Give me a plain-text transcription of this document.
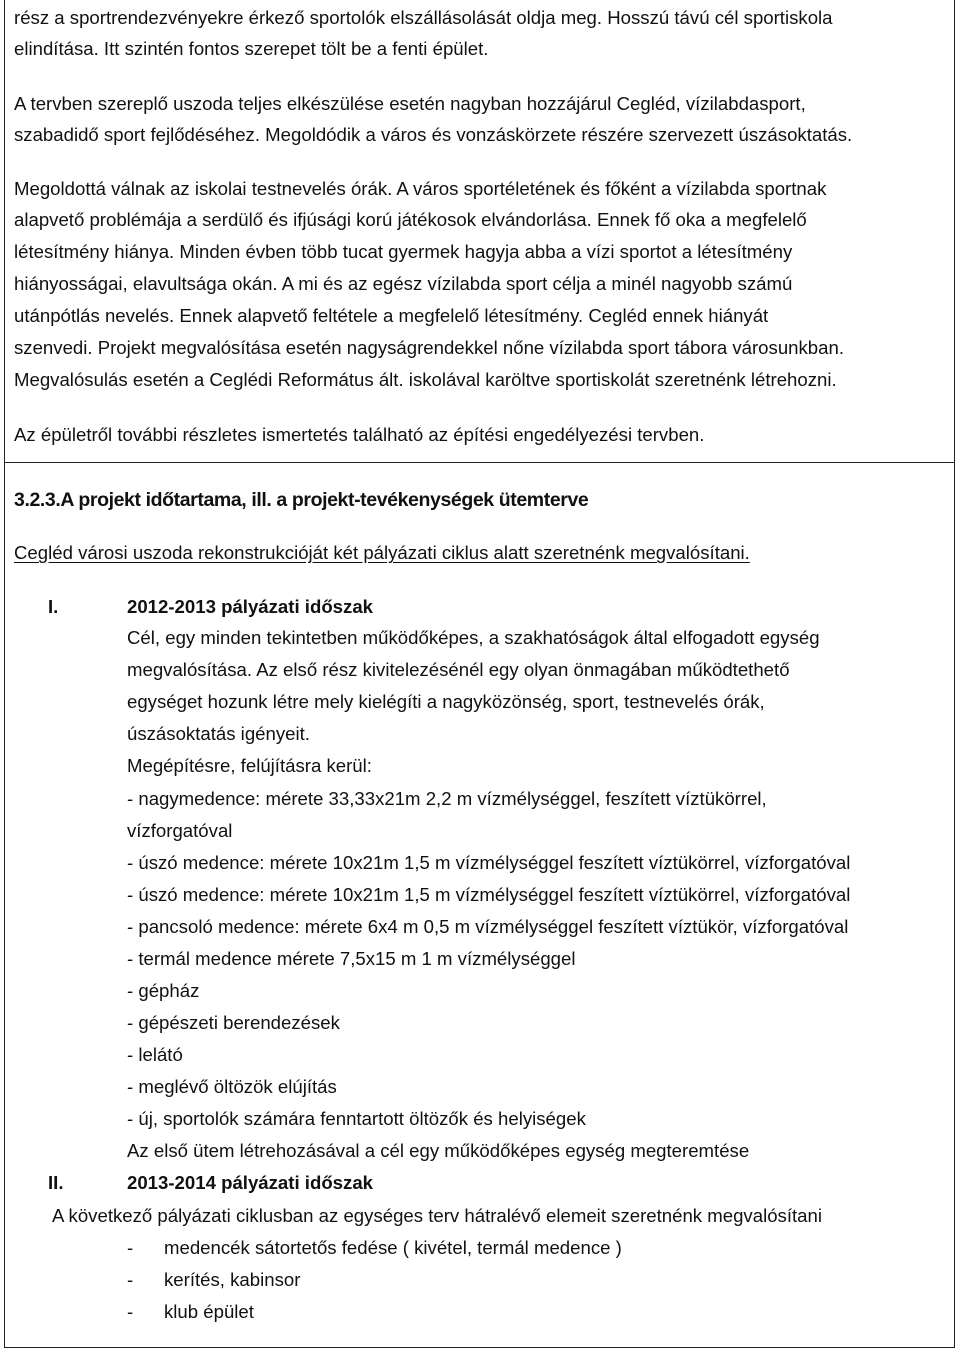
rész a sportrendezvényekre érkező sportolók elszállásolását oldja meg. Hosszú távú cél sportiskola
elindítása. Itt szintén fontos szerepet tölt be a fenti épület.
A tervben szereplő uszoda teljes elkészülése esetén nagyban hozzájárul Cegléd, vízilabdasport,
szabadidő sport fejlődéséhez. Megoldódik a város és vonzáskörzete részére szervezett úszásoktatás.
Megoldottá válnak az iskolai testnevelés órák. A város sportéletének és főként a vízilabda sportnak
alapvető problémája a serdülő és ifjúsági korú játékosok elvándorlása. Ennek fő oka a megfelelő
létesítmény hiánya. Minden évben több tucat gyermek hagyja abba a vízi sportot a létesítmény
hiányosságai, elavultsága okán. A mi és az egész vízilabda sport célja a minél nagyobb számú
utánpótlás nevelés. Ennek alapvető feltétele a megfelelő létesítmény. Cegléd ennek hiányát
szenvedi. Projekt megvalósítása esetén nagyságrendekkel nőne vízilabda sport tábora városunkban.
Megvalósulás esetén a Ceglédi Református ált. iskolával karöltve sportiskolát szeretnénk létrehozni.
Az épületről további részletes ismertetés található az építési engedélyezési tervben.
3.2.3.A projekt időtartama, ill. a projekt-tevékenységek ütemterve
Cegléd városi uszoda rekonstrukcióját két pályázati ciklus alatt szeretnénk megvalósítani.
I.	2012-2013 pályázati időszak
Cél, egy minden tekintetben működőképes, a szakhatóságok által elfogadott egység
megvalósítása. Az első rész kivitelezésénél egy olyan önmagában működtethető
egységet hozunk létre mely kielégíti a nagyközönség, sport, testnevelés órák,
úszásoktatás igényeit.
Megépítésre, felújításra kerül:
- nagymedence: mérete 33,33x21m 2,2 m vízmélységgel, feszített víztükörrel,
vízforgatóval
- úszó medence: mérete 10x21m 1,5 m vízmélységgel feszített víztükörrel, vízforgatóval
- úszó medence: mérete 10x21m 1,5 m vízmélységgel feszített víztükörrel, vízforgatóval
- pancsoló medence: mérete 6x4 m 0,5 m vízmélységgel feszített víztükör, vízforgatóval
- termál medence mérete 7,5x15 m 1 m vízmélységgel
- gépház
- gépészeti berendezések
- lelátó
- meglévő öltözök elújítás
- új, sportolók számára fenntartott öltözők és helyiségek
Az első ütem létrehozásával a cél egy működőképes egység megteremtése
II.	2013-2014 pályázati időszak
A következő pályázati ciklusban az egységes terv hátralévő elemeit szeretnénk megvalósítani
- medencék sátortetős fedése ( kivétel, termál medence )
- kerítés, kabinsor
- klub épület
